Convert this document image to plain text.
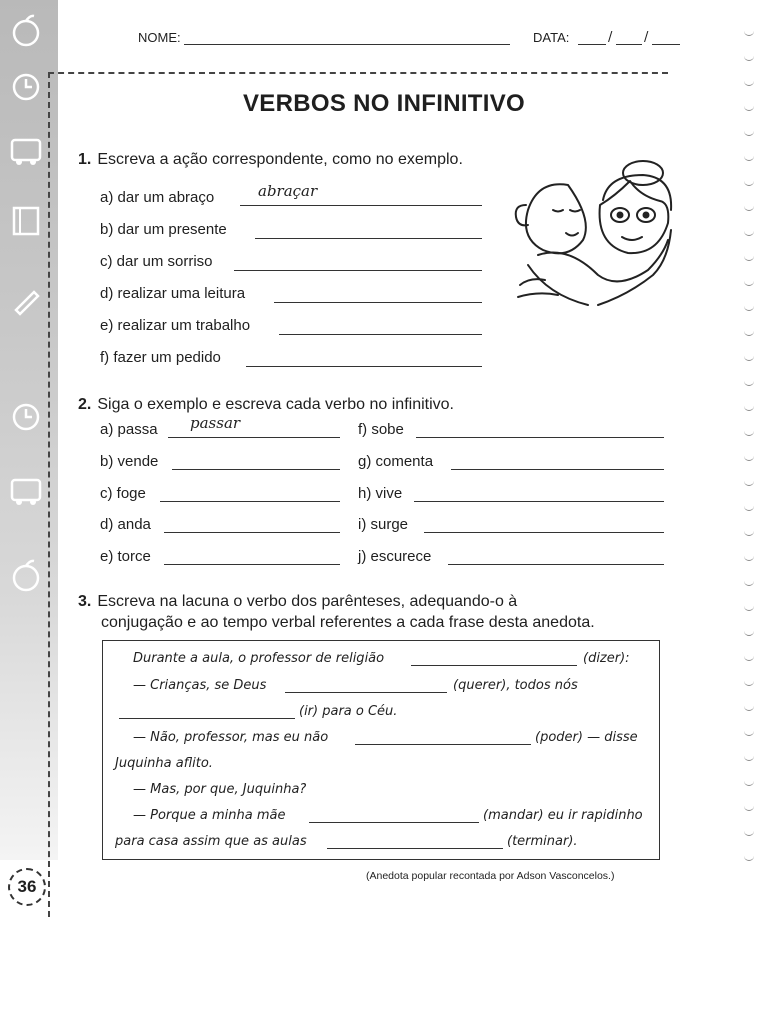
NOME:	DATA:	/ /
VERBOS NO INFINITIVO
1. Escreva a ação correspondente, como no exemplo.
a) dar um abraço	abraçar
b) dar um presente
c) dar um sorriso
d) realizar uma leitura
e) realizar um trabalho
f) fazer um pedido
2. Siga o exemplo e escreva cada verbo no infinitivo.
a) passa passar	f) sobe
b) vende	g) comenta
c) foge	h) vive
d) anda	i) surge
e) torce	j) escurece
3. Escreva na lacuna o verbo dos parênteses, adequando-o à
conjugação e ao tempo verbal referentes a cada frase desta anedota.
Durante a aula, o professor de religião	(dizer):
— Crianças, se Deus	(querer), todos nós
(ir) para o Céu.
— Não, professor, mas eu não	(poder) — disse
Juquinha aflito.
— Mas, por que, Juquinha?
— Porque a minha mãe	(mandar) eu ir rapidinho
para casa assim que as aulas	(terminar).
(Anedota popular recontada por Adson Vasconcelos.)
36
